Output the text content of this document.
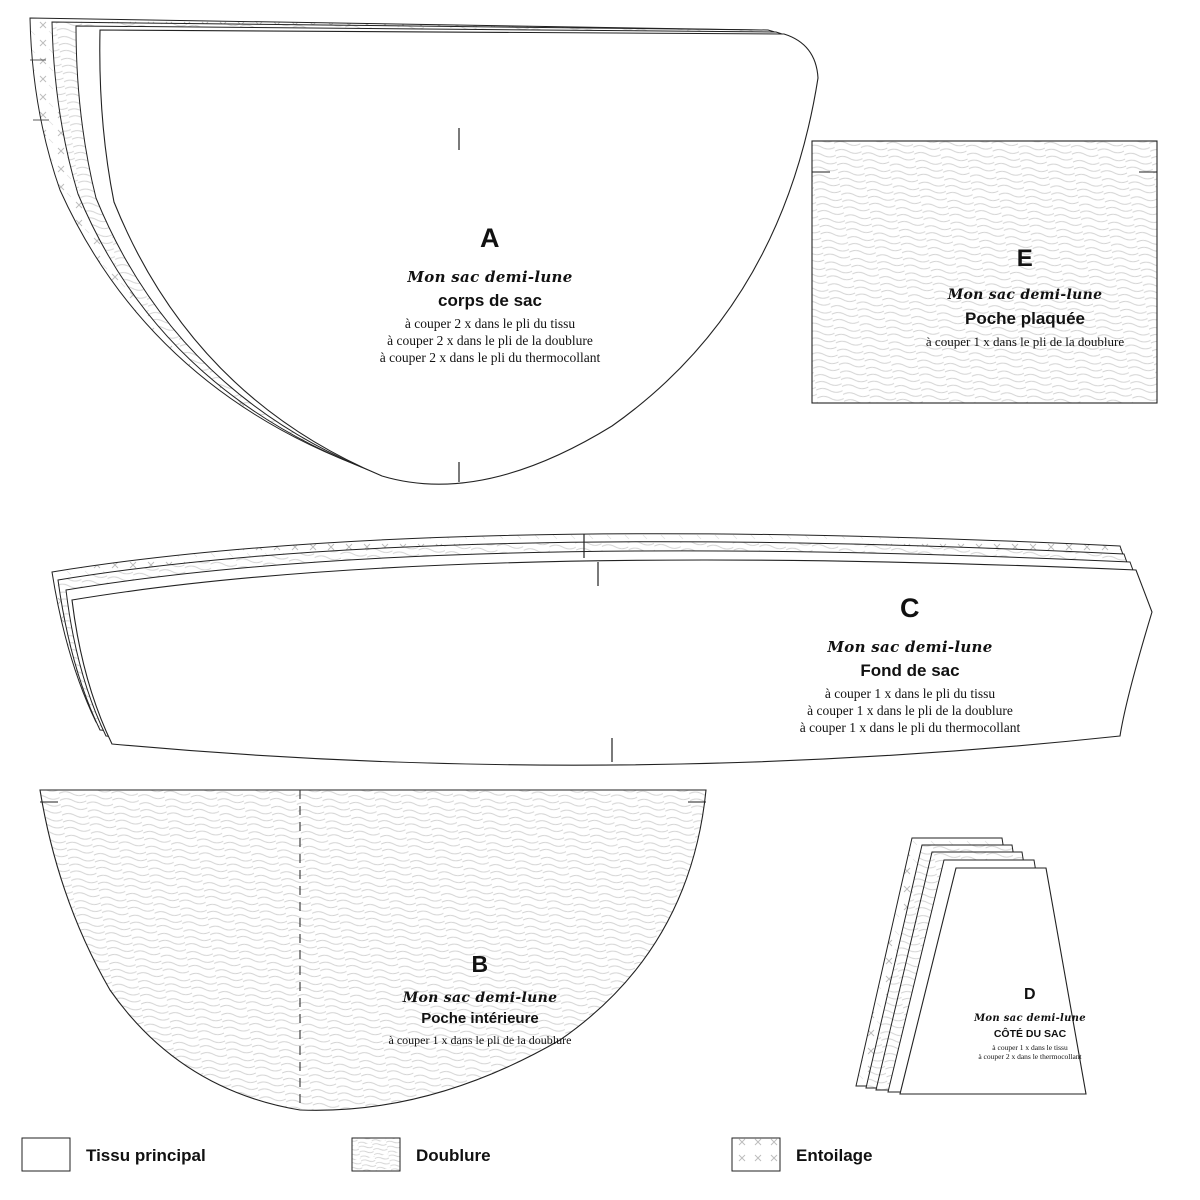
A
Mon sac demi-lune
corps de sac
à couper 2 x dans le pli du tissu
à couper 2 x dans le pli de la doublure
à couper 2 x dans le pli du thermocollant
E
Mon sac demi-lune
Poche plaquée
à couper 1 x dans le pli de la doublure
C
Mon sac demi-lune
Fond de sac
à couper 1 x dans le pli du tissu
à couper 1 x dans le pli de la doublure
à couper 1 x dans le pli du thermocollant
B
Mon sac demi-lune
Poche intérieure
à couper 1 x dans le pli de la doublure
D
Mon sac demi-lune
CÔTÉ DU SAC
à couper 1 x dans le tissu
à couper 2 x dans le thermocollant
Tissu principal	Doublure	Entoilage
